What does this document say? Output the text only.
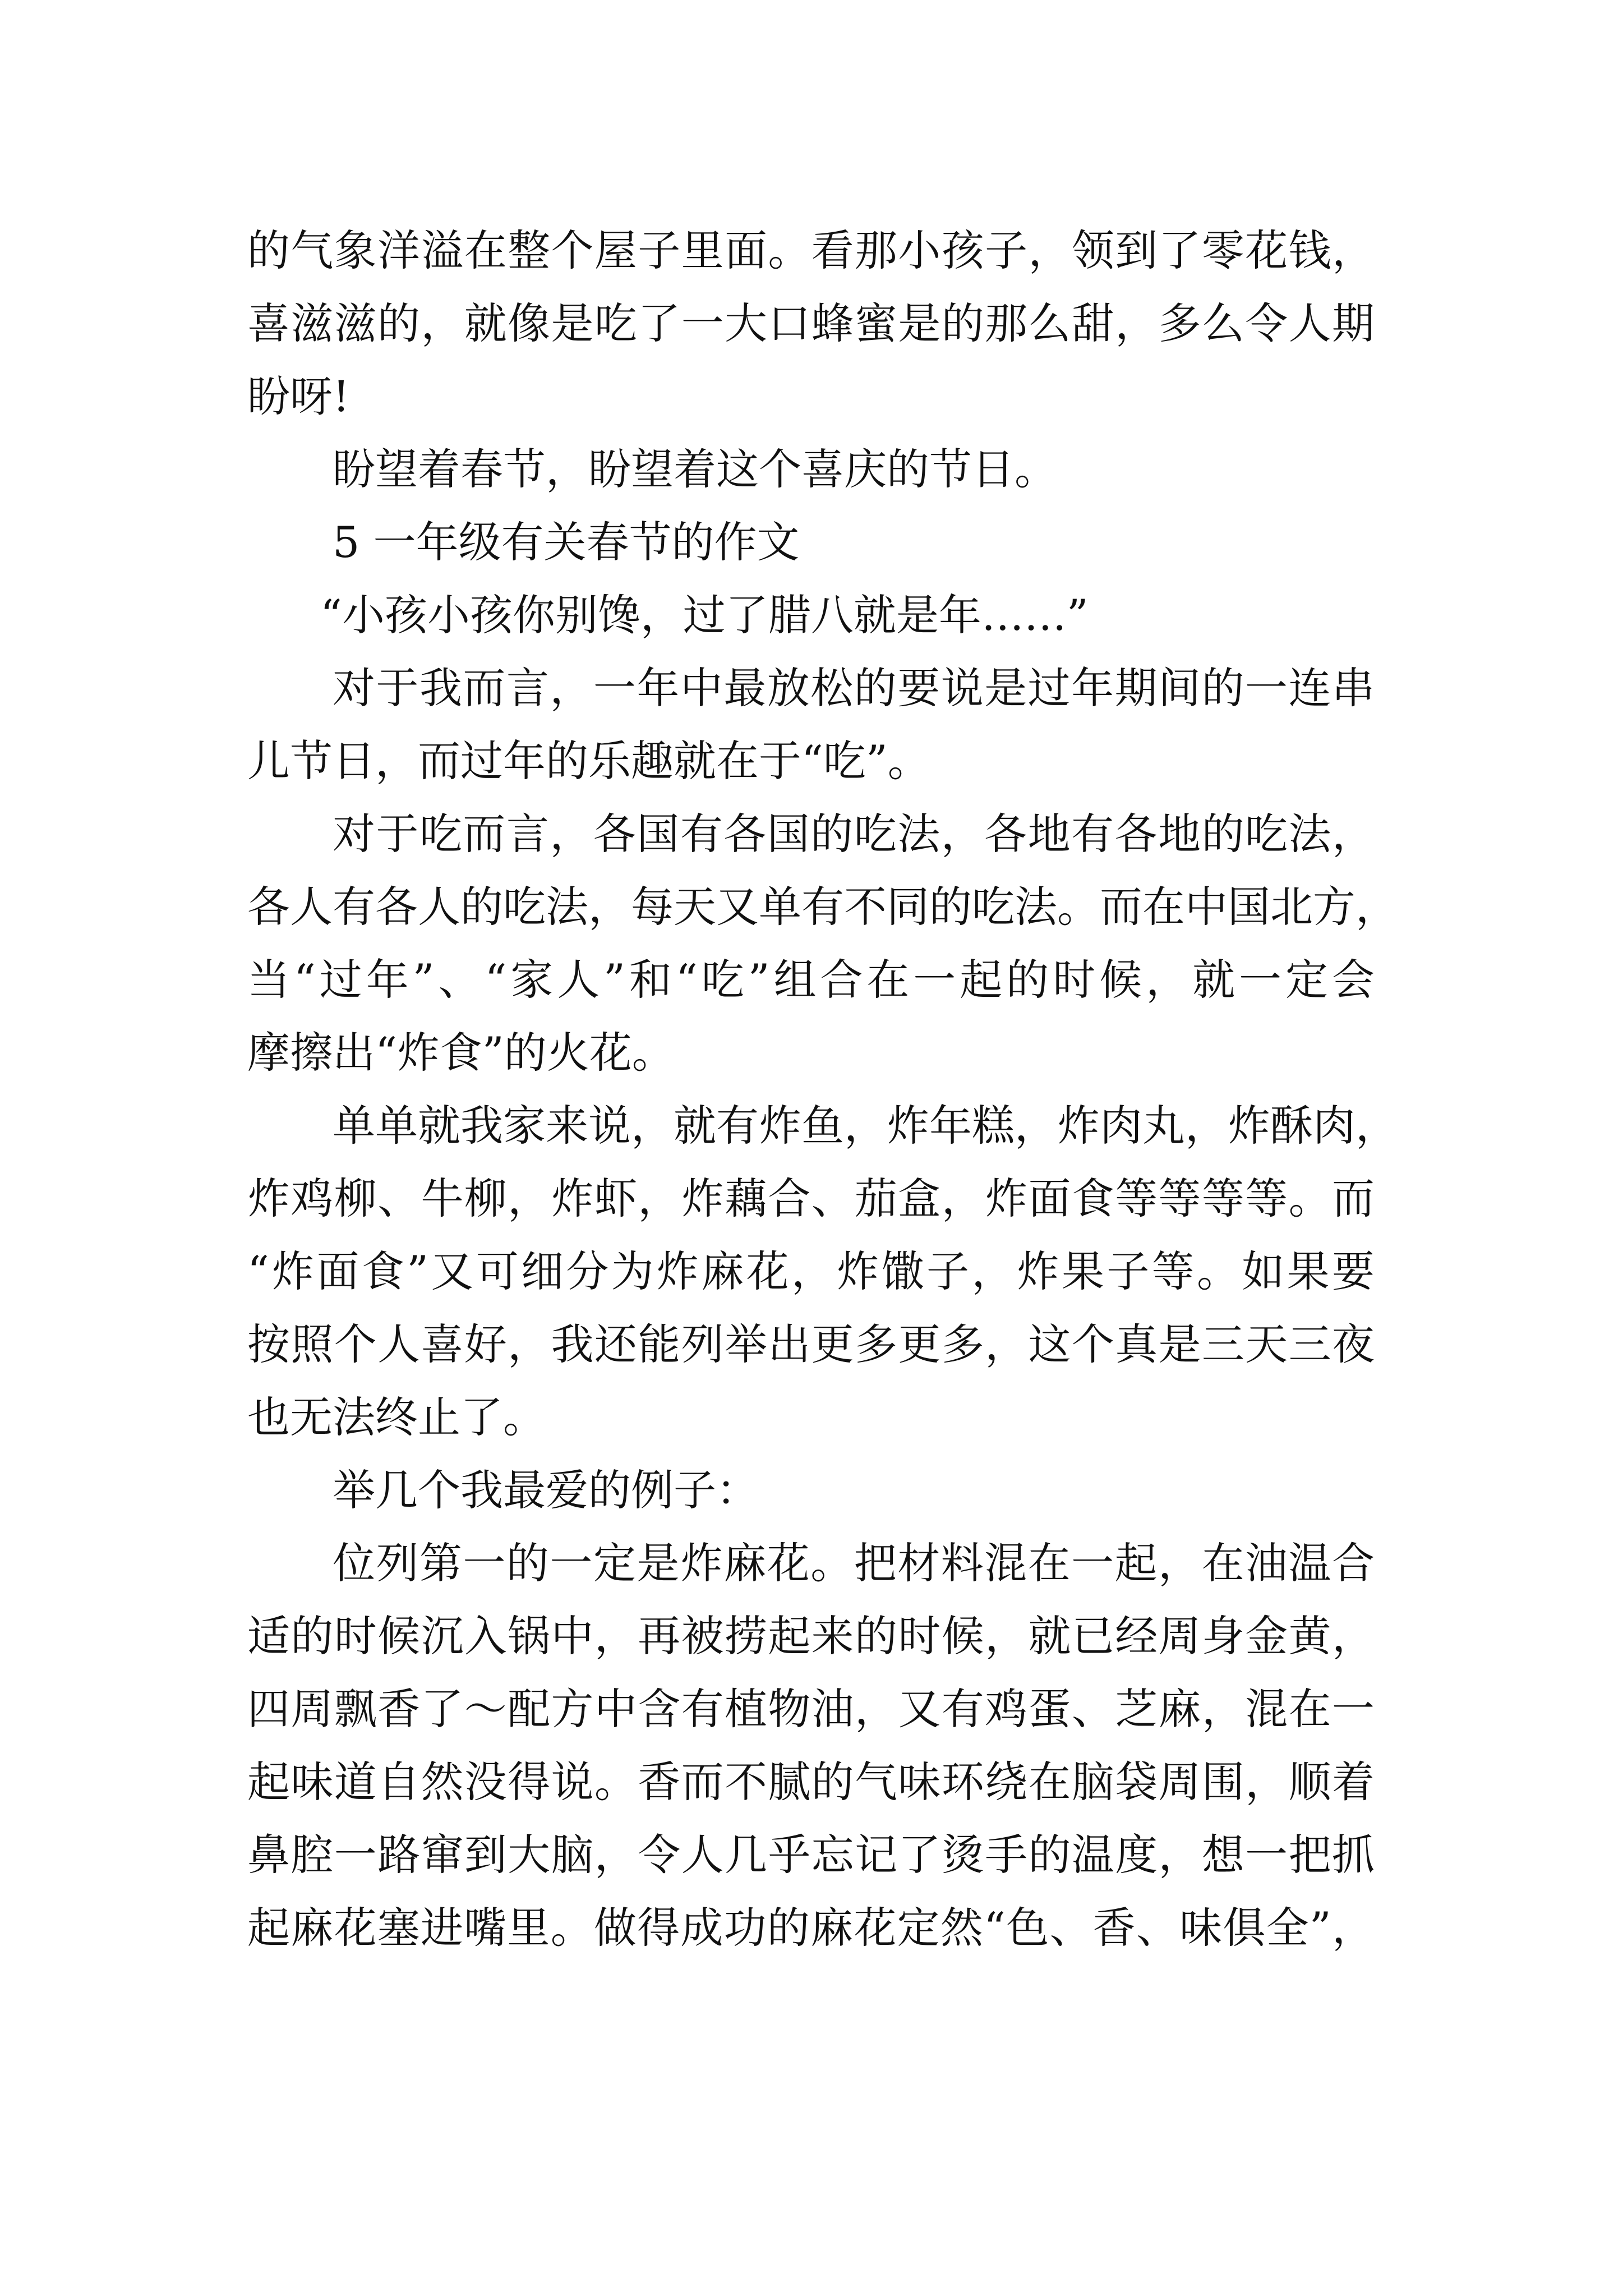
的气象洋溢在整个屋子里面。看那小孩子，领到了零花钱，
喜滋滋的，就像是吃了一大口蜂蜜是的那么甜，多么令人期
盼呀!
盼望着春节，盼望着这个喜庆的节日。
5 一年级有关春节的作文
“小孩小孩你别馋，过了腊八就是年……”
对于我而言，一年中最放松的要说是过年期间的一连串
儿节日，而过年的乐趣就在于“吃”。
对于吃而言，各国有各国的吃法，各地有各地的吃法，
各人有各人的吃法，每天又单有不同的吃法。而在中国北方，
当“过年”、“家人”和“吃”组合在一起的时候，就一定会
摩擦出“炸食”的火花。
单单就我家来说，就有炸鱼，炸年糕，炸肉丸，炸酥肉，
炸鸡柳、牛柳，炸虾，炸藕合、茄盒，炸面食等等等等。而
“炸面食”又可细分为炸麻花，炸馓子，炸果子等。如果要
按照个人喜好，我还能列举出更多更多，这个真是三天三夜
也无法终止了。
举几个我最爱的例子：
位列第一的一定是炸麻花。把材料混在一起，在油温合
适的时候沉入锅中，再被捞起来的时候，就已经周身金黄，
四周飘香了～配方中含有植物油，又有鸡蛋、芝麻，混在一
起味道自然没得说。香而不腻的气味环绕在脑袋周围，顺着
鼻腔一路窜到大脑，令人几乎忘记了烫手的温度，想一把抓
起麻花塞进嘴里。做得成功的麻花定然“色、香、味俱全”，
